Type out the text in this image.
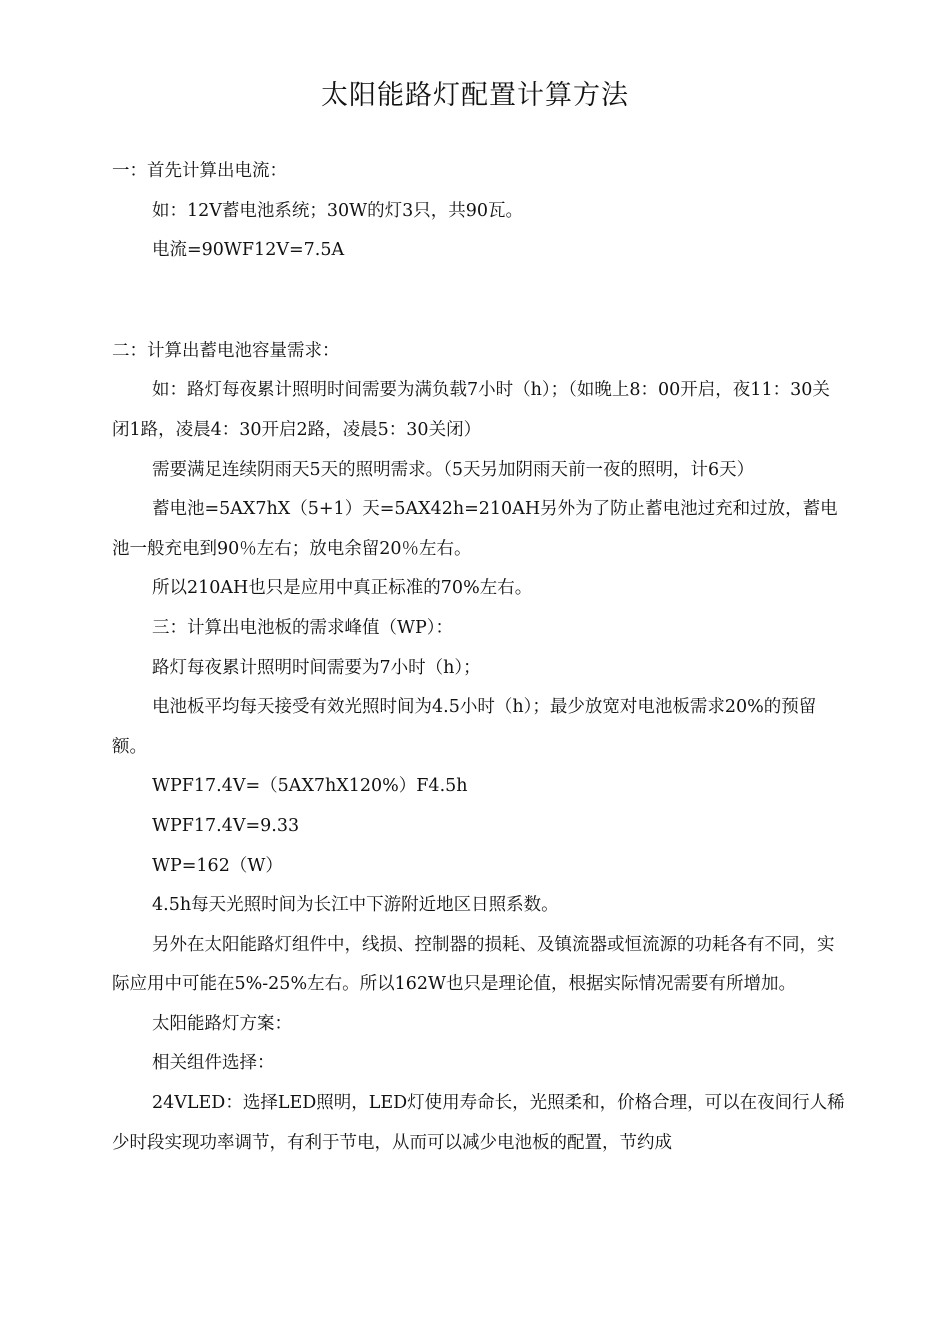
太阳能路灯配置计算方法

一：首先计算出电流：

如：12V蓄电池系统；30W的灯3只，共90瓦。

电流=90WF12V=7.5A

二：计算出蓄电池容量需求：

如：路灯每夜累计照明时间需要为满负载7小时（h）；（如晚上8：00开启，夜11：30关闭1路，凌晨4：30开启2路，凌晨5：30关闭）

需要满足连续阴雨天5天的照明需求。（5天另加阴雨天前一夜的照明，计6天）

蓄电池=5AX7hX（5+1）天=5AX42h=210AH另外为了防止蓄电池过充和过放，蓄电池一般充电到90％左右；放电余留20％左右。

所以210AH也只是应用中真正标准的70%左右。

三：计算出电池板的需求峰值（WP）：

路灯每夜累计照明时间需要为7小时（h）；

电池板平均每天接受有效光照时间为4.5小时（h）；最少放宽对电池板需求20%的预留额。

WPF17.4V=（5AX7hX120%）F4.5h

WPF17.4V=9.33

WP=162（W）

4.5h每天光照时间为长江中下游附近地区日照系数。

另外在太阳能路灯组件中，线损、控制器的损耗、及镇流器或恒流源的功耗各有不同，实际应用中可能在5%-25%左右。所以162W也只是理论值，根据实际情况需要有所增加。

太阳能路灯方案：

相关组件选择：

24VLED：选择LED照明，LED灯使用寿命长，光照柔和，价格合理，可以在夜间行人稀少时段实现功率调节，有利于节电，从而可以减少电池板的配置，节约成
